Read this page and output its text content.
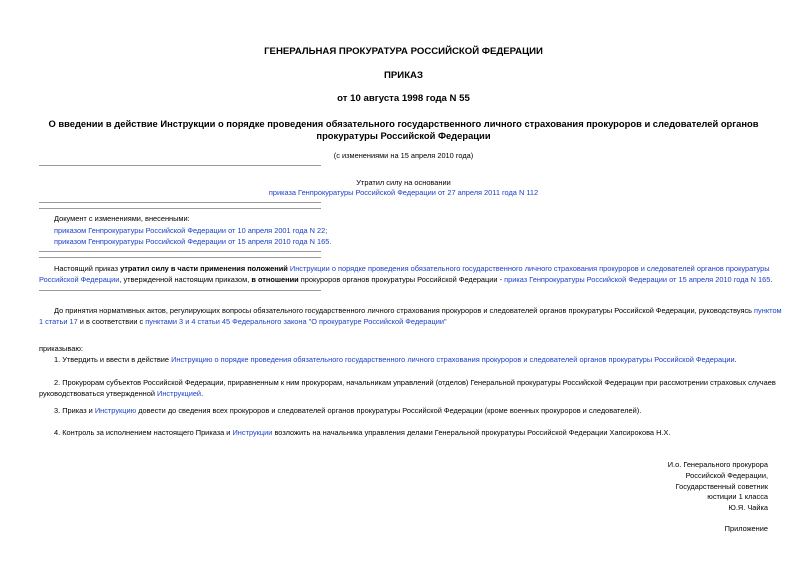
ГЕНЕРАЛЬНАЯ ПРОКУРАТУРА РОССИЙСКОЙ ФЕДЕРАЦИИ
ПРИКАЗ
от 10 августа 1998 года N 55
О введении в действие Инструкции о порядке проведения обязательного государственного личного страхования прокуроров и следователей органов
прокуратуры Российской Федерации
(с изменениями на 15 апреля 2010 года)
Утратил силу на основании
приказа Генпрокуратуры Российской Федерации от 27 апреля 2011 года N 112
Документ с изменениями, внесенными:
приказом Генпрокуратуры Российской Федерации от 10 апреля 2001 года N 22;
приказом Генпрокуратуры Российской Федерации от 15 апреля 2010 года N 165.
Настоящий приказ утратил силу в части применения положений Инструкции о порядке проведения обязательного государственного личного страхования прокуроров и следователей органов прокуратуры
Российской Федерации, утвержденной настоящим приказом, в отношении прокуроров органов прокуратуры Российской Федерации - приказ Генпрокуратуры Российской Федерации от 15 апреля 2010 года N 165.
До принятия нормативных актов, регулирующих вопросы обязательного государственного личного страхования прокуроров и следователей органов прокуратуры Российской Федерации, руководствуясь пунктом
1 статьи 17 и в соответствии с пунктами 3 и 4 статьи 45 Федерального закона "О прокуратуре Российской Федерации"
приказываю:
1. Утвердить и ввести в действие Инструкцию о порядке проведения обязательного государственного личного страхования прокуроров и следователей органов прокуратуры Российской Федерации.
2. Прокурорам субъектов Российской Федерации, приравненным к ним прокурорам, начальникам управлений (отделов) Генеральной прокуратуры Российской Федерации при рассмотрении страховых случаев
руководствоваться утвержденной Инструкцией.
3. Приказ и Инструкцию довести до сведения всех прокуроров и следователей органов прокуратуры Российской Федерации (кроме военных прокуроров и следователей).
4. Контроль за исполнением настоящего Приказа и Инструкции возложить на начальника управления делами Генеральной прокуратуры Российской Федерации Хапсирокова Н.Х.
И.о. Генерального прокурора
Российской Федерации,
Государственный советник
юстиции 1 класса
Ю.Я. Чайка
Приложение
